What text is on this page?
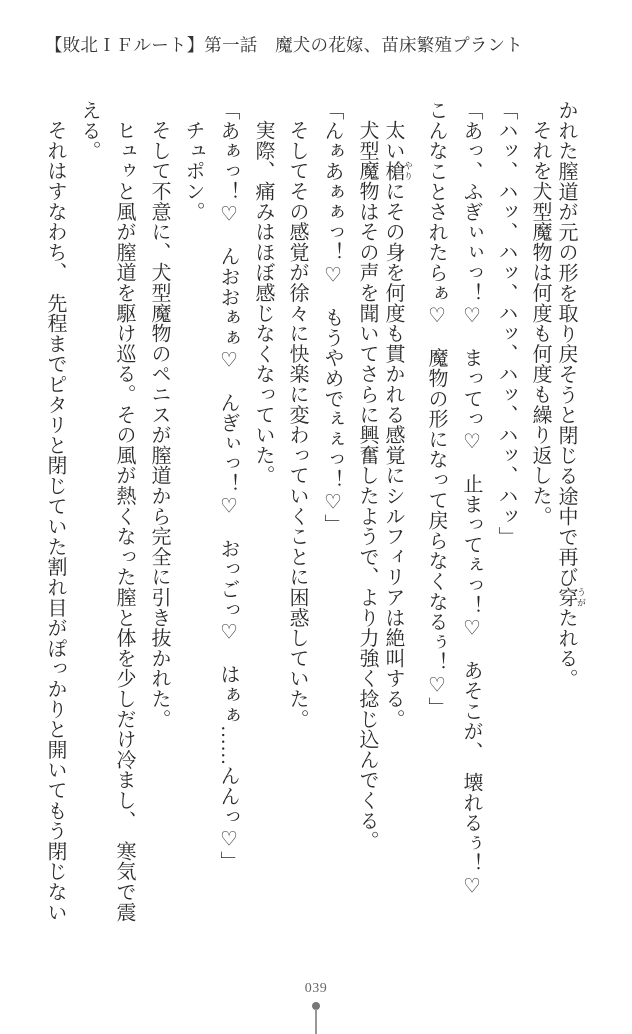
【敗北ＩＦルート】第一話　魔犬の花嫁、苗床繁殖プラント
かれた膣道が元の形を取り戻そうと閉じる途中で再び穿 うがたれる。
それを犬型魔物は何度も何度も繰り返した。
「ハッ、ハッ、ハッ、ハッ、ハッ、ハッ、ハッ」
「あっ、ふぎぃぃっ！♡　まってっ♡　止まってぇっ！♡　あそこが、　壊れるぅ！♡
こんなことされたらぁ♡　魔物の形になって戻らなくなるぅ！♡」
太い槍 やりにその身を何度も貫かれる感覚にシルフィリアは絶叫する。
犬型魔物はその声を聞いてさらに興奮したようで、より力強く捻じ込んでくる。
「んぁあぁぁっ！♡　もうやめでぇぇっ！♡」
そしてその感覚が徐々に快楽に変わっていくことに困惑していた。
実際、痛みはほぼ感じなくなっていた。
「あぁっ！♡　んおおぁぁ♡　んぎぃっ！♡　おっごっ♡　はぁぁ……んんっ♡」
チュポン。
そして不意に、犬型魔物のペニスが膣道から完全に引き抜かれた。
ヒュゥと風が膣道を駆け巡る。その風が熱くなった膣と体を少しだけ冷まし、　寒気で震
える。
それはすなわち、　先程までピタリと閉じていた割れ目がぽっかりと開いてもう閉じない
039
